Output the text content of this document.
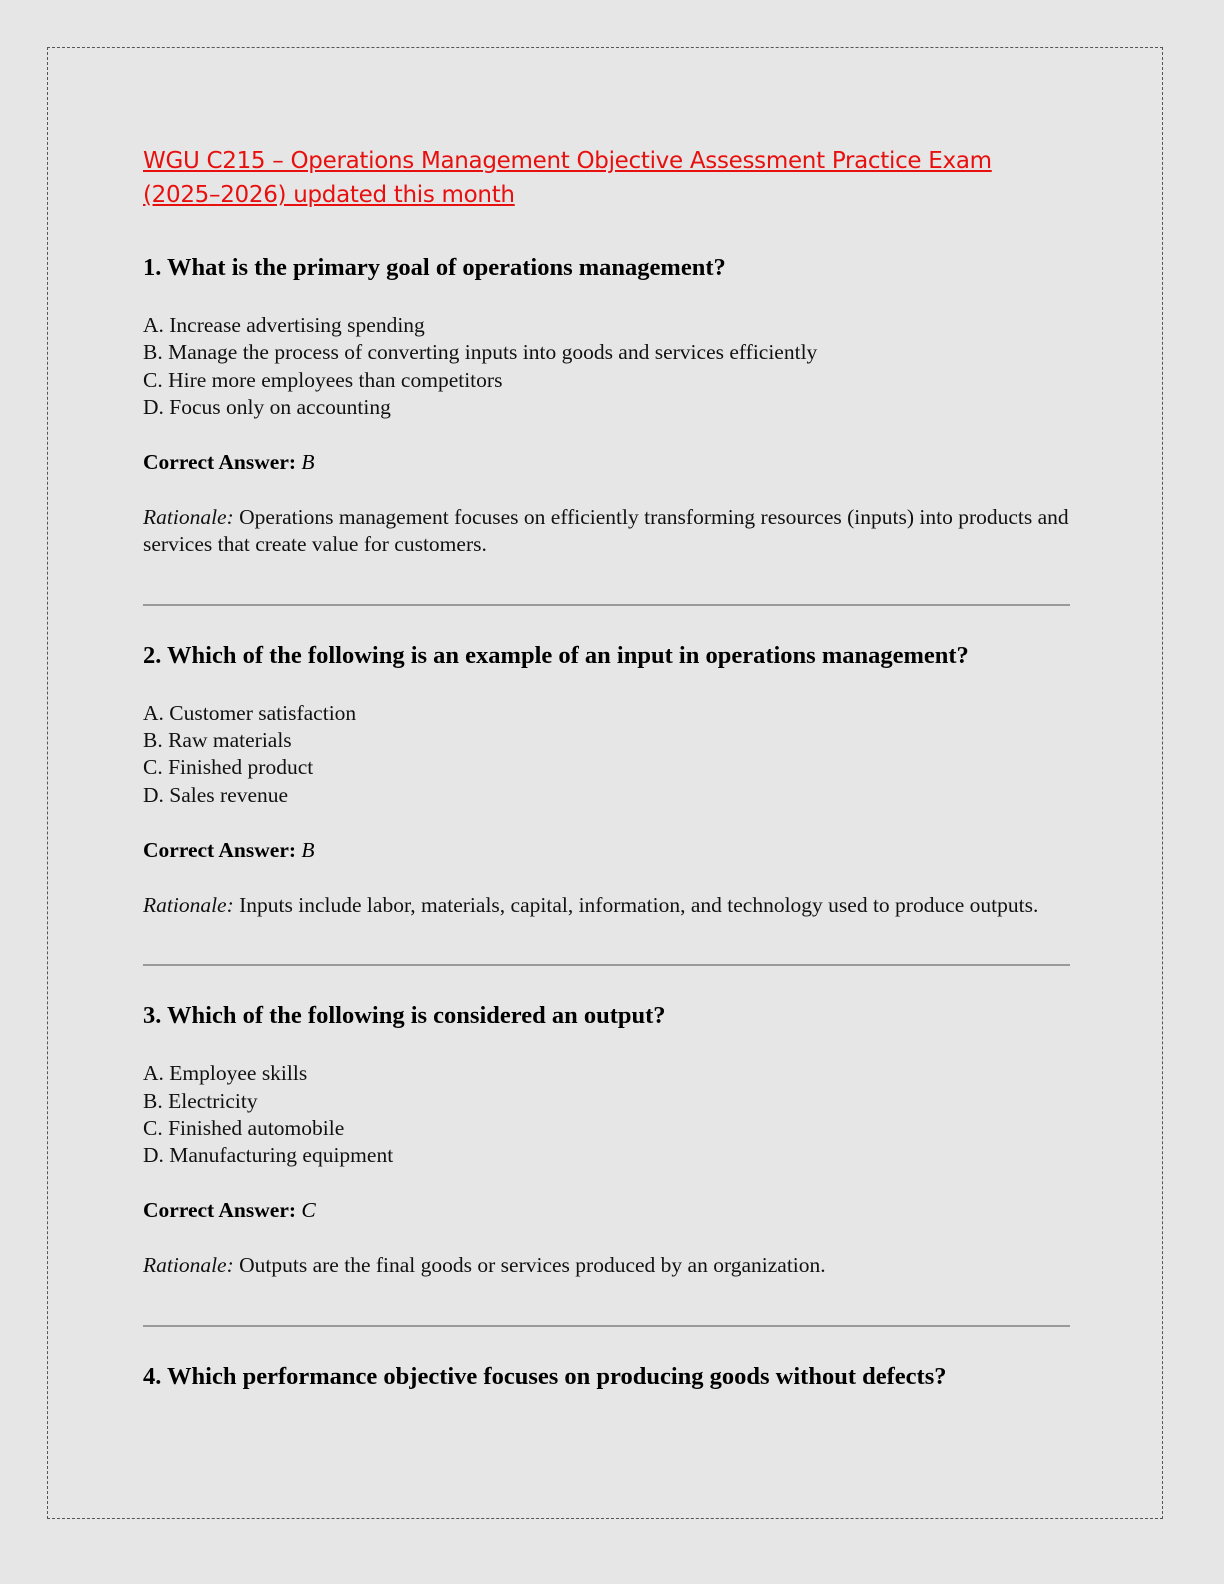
WGU C215 – Operations Management Objective Assessment Practice Exam (2025–2026) updated this month

1. What is the primary goal of operations management?
A. Increase advertising spending
B. Manage the process of converting inputs into goods and services efficiently
C. Hire more employees than competitors
D. Focus only on accounting

Correct Answer: B

Rationale: Operations management focuses on efficiently transforming resources (inputs) into products and services that create value for customers.

2. Which of the following is an example of an input in operations management?
A. Customer satisfaction
B. Raw materials
C. Finished product
D. Sales revenue

Correct Answer: B

Rationale: Inputs include labor, materials, capital, information, and technology used to produce outputs.

3. Which of the following is considered an output?
A. Employee skills
B. Electricity
C. Finished automobile
D. Manufacturing equipment

Correct Answer: C

Rationale: Outputs are the final goods or services produced by an organization.

4. Which performance objective focuses on producing goods without defects?
